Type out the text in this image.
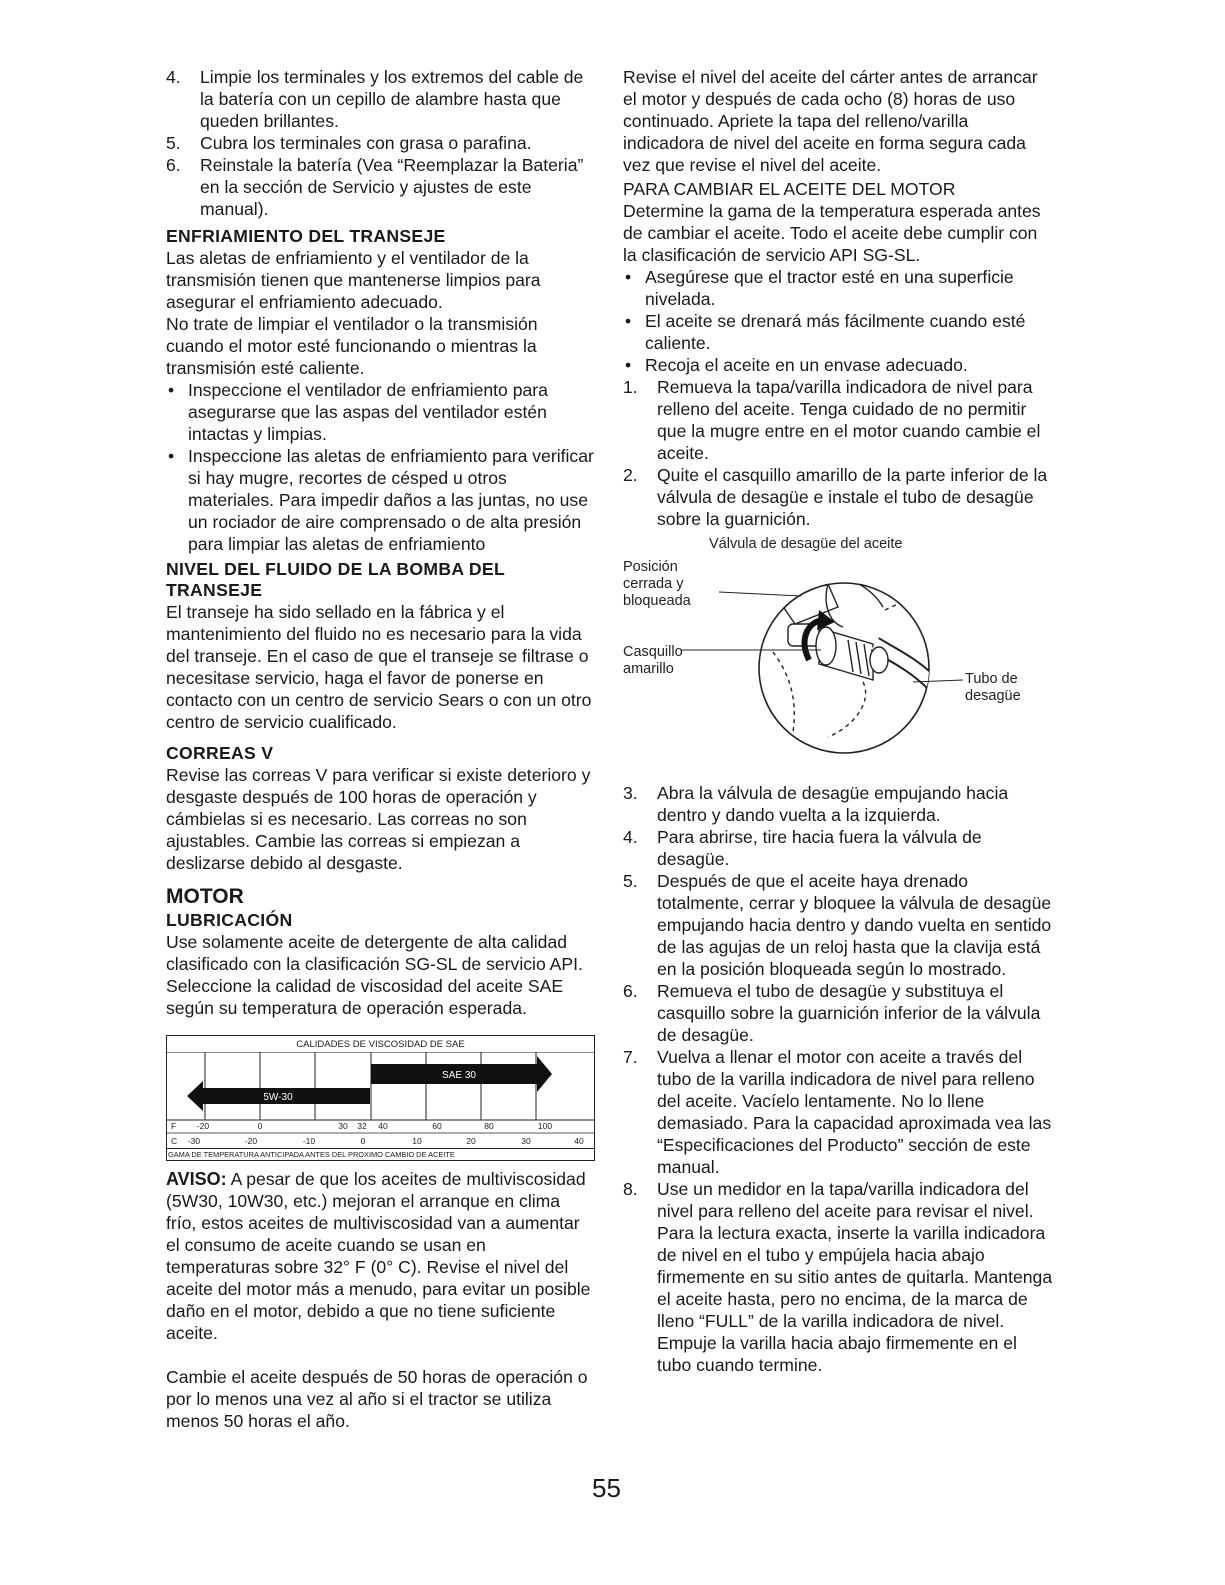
4. Limpie los terminales y los extremos del cable de la batería con un cepillo de alambre hasta que queden brillantes.
5. Cubra los terminales con grasa o parafina.
6. Reinstale la batería (Vea “Reemplazar la Bateria” en la sección de Servicio y ajustes de este manual).
ENFRIAMIENTO DEL TRANSEJE

Las aletas de enfriamiento y el ventilador de la transmisión tienen que mantenerse limpios para asegurar el enfriamiento adecuado.

No trate de limpiar el ventilador o la transmisión cuando el motor esté funcionando o mientras la transmisión esté caliente.

• Inspeccione el ventilador de enfriamiento para asegurarse que las aspas del ventilador estén intactas y limpias.
• Inspeccione las aletas de enfriamiento para verificar si hay mugre, recortes de césped u otros materiales. Para impedir daños a las juntas, no use un rociador de aire comprensado o de alta presión para limpiar las aletas de enfriamiento
NIVEL DEL FLUIDO DE LA BOMBA DEL TRANSEJE

El transeje ha sido sellado en la fábrica y el mantenimiento del fluido no es necesario para la vida del transeje. En el caso de que el transeje se filtrase o necesitase servicio, haga el favor de ponerse en contacto con un centro de servicio Sears o con un otro centro de servicio cualificado.

CORREAS V

Revise las correas V para verificar si existe deterioro y desgaste después de 100 horas de operación y cámbielas si es necesario. Las correas no son ajustables. Cambie las correas si empiezan a deslizarse debido al desgaste.

MOTOR
LUBRICACIÓN

Use solamente aceite de detergente de alta calidad clasificado con la clasificación SG-SL de servicio API. Seleccione la calidad de viscosidad del aceite SAE según su temperatura de operación esperada.

CALIDADES DE VISCOSIDAD DE SAE
SAE 30
5W-30
F -20	0	30 32 40	60	80	100
C -30	-20	-10	0	10	20	30	40
GAMA DE TEMPERATURA ANTICIPADA ANTES DEL PROXIMO CAMBIO DE ACEITE

AVISO: A pesar de que los aceites de multiviscosidad (5W30, 10W30, etc.) mejoran el arranque en clima frío, estos aceites de multiviscosidad van a aumentar el consumo de aceite cuando se usan en temperaturas sobre 32° F (0° C). Revise el nivel del aceite del motor más a menudo, para evitar un posible daño en el motor, debido a que no tiene suficiente aceite.

Cambie el aceite después de 50 horas de operación o por lo menos una vez al año si el tractor se utiliza menos 50 horas el año.

Revise el nivel del aceite del cárter antes de arrancar el motor y después de cada ocho (8) horas de uso continuado. Apriete la tapa del relleno/varilla indicadora de nivel del aceite en forma segura cada vez que revise el nivel del aceite.

PARA CAMBIAR EL ACEITE DEL MOTOR

Determine la gama de la temperatura esperada antes de cambiar el aceite. Todo el aceite debe cumplir con la clasificación de servicio API SG-SL.

• Asegúrese que el tractor esté en una superficie nivelada.
• El aceite se drenará más fácilmente cuando esté caliente.
• Recoja el aceite en un envase adecuado.
1. Remueva la tapa/varilla indicadora de nivel para relleno del aceite. Tenga cuidado de no permitir que la mugre entre en el motor cuando cambie el aceite.
2. Quite el casquillo amarillo de la parte inferior de la válvula de desagüe e instale el tubo de desagüe sobre la guarnición.
Válvula de desagüe del aceite
Posición
cerrada y
bloqueada
Casquillo
amarillo
Tubo de
desagüe
3. Abra la válvula de desagüe empujando hacia dentro y dando vuelta a la izquierda.
4. Para abrirse, tire hacia fuera la válvula de desagüe.
5. Después de que el aceite haya drenado totalmente, cerrar y bloquee la válvula de desagüe empujando hacia dentro y dando vuelta en sentido de las agujas de un reloj hasta que la clavija está en la posición bloqueada según lo mostrado.
6. Remueva el tubo de desagüe y substituya el casquillo sobre la guarnición inferior de la válvula de desagüe.
7. Vuelva a llenar el motor con aceite a través del tubo de la varilla indicadora de nivel para relleno del aceite. Vacíelo lentamente. No lo llene demasiado. Para la capacidad aproximada vea las “Especificaciones del Producto” sección de este manual.
8. Use un medidor en la tapa/varilla indicadora del nivel para relleno del aceite para revisar el nivel. Para la lectura exacta, inserte la varilla indicadora de nivel en el tubo y empújela hacia abajo firmemente en su sitio antes de quitarla. Mantenga el aceite hasta, pero no encima, de la marca de lleno “FULL” de la varilla indicadora de nivel. Empuje la varilla hacia abajo firmemente en el tubo cuando termine.
55
